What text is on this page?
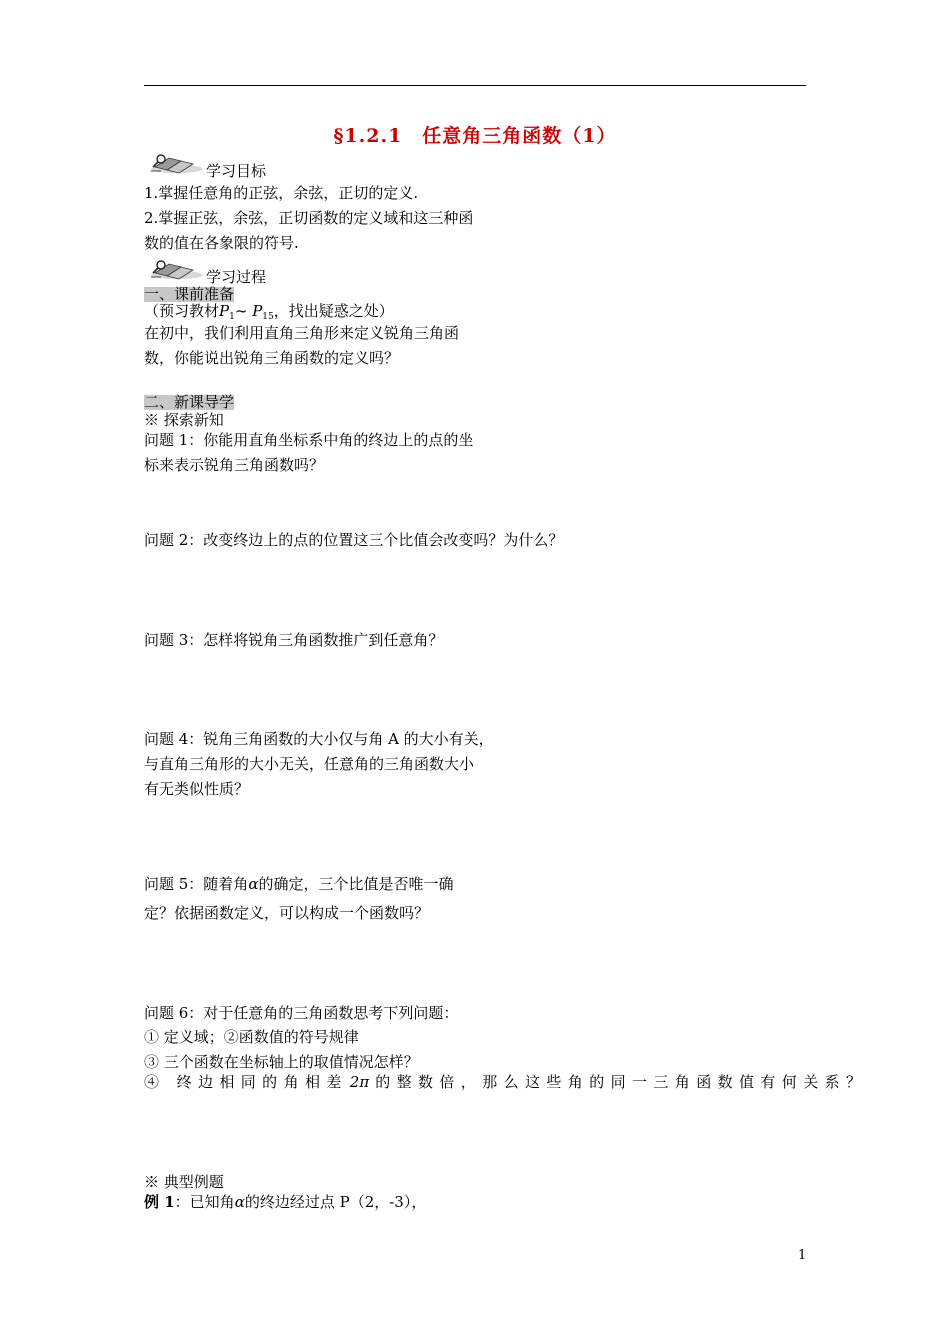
§1.2.1　任意角三角函数（1）
学习目标
1.掌握任意角的正弦，余弦，正切的定义.
2.掌握正弦，余弦，正切函数的定义域和这三种函
数的值在各象限的符号.
学习过程
一、课前准备
（预习教材$P_1\sim$ $P_{15}$，找出疑惑之处）
在初中，我们利用直角三角形来定义锐角三角函
数，你能说出锐角三角函数的定义吗？
二、新课导学
※ 探索新知
问题 1：你能用直角坐标系中角的终边上的点的坐
标来表示锐角三角函数吗？
问题 2：改变终边上的点的位置这三个比值会改变吗？为什么？
问题 3：怎样将锐角三角函数推广到任意角？
问题 4：锐角三角函数的大小仅与角 A 的大小有关，
与直角三角形的大小无关，任意角的三角函数大小
有无类似性质？
问题 5：随着角α的确定，三个比值是否唯一确
定？依据函数定义，可以构成一个函数吗？
问题 6：对于任意角的三角函数思考下列问题：
① 定义域；②函数值的符号规律
③ 三个函数在坐标轴上的取值情况怎样？
④ 终边相同的角相差 2π 的整数倍，那么这些角的同一三角函数值有何关系？
※ 典型例题
例 1：已知角α的终边经过点 P（2，-3），
1
